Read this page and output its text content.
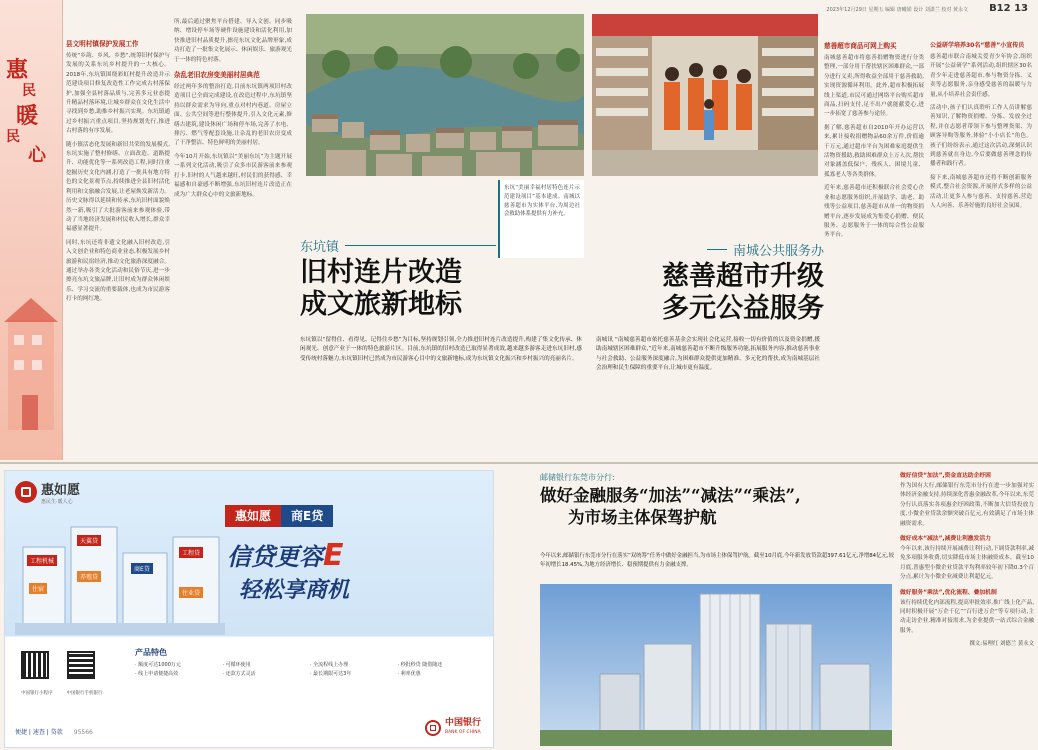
2023年12月29日 星期五 编辑 唐曦娟 设计 刘潇兰 校对 黄永文 B12 13
惠
民
暖
民
心
县文明村镇保护发展工作

传统“乡韵、乡风、乡愁”,统筹旧村保护与发展的关系东坑乡村提升的一大核心。2018年,东坑镇围绕彩虹村提升改造并示范建设项目修复改造性工作完成古村落保护,加强全县村落品质与,完善多元业态提升精品村落环境,让城乡群众在文化生活中寻找到乡愁,助推乡村振兴实现。东坑镇通过乡村振兴重点项目,坚持规划先行,推进古村落的有序发展。

随小镇活态化发展和新旧共荣的发展模式,东坑实施了整村修缮、立面改造、道路提升、功能优化等一系列改造工程,同时注重挖掘历史文化内涵,打造了一批具有地方特色的文化景观节点,持续推进全县旧村活化利用和文旅融合发展,让老屋焕发新活力。历史文脉得以延续和传承,东坑旧村面貌焕然一新,吸引了大批游客前来参观体验,带动了当地经济发展和村民收入增长,群众幸福感显著提升。

同时,东坑还将非遗文化融入旧村改造,引入文创企业和特色商业业态,积极发展乡村旅游和民宿经济,推动文化旅游深度融合。通过举办各类文化活动和民俗节庆,进一步擦亮东坑文旅品牌,让旧村成为群众休闲娱乐、学习交流的重要载体,也成为市民游客打卡的网红地。

所,最后通过聚焦平台搭建、导入文创、同步吸纳、增设停车场等硬件设施建设和活化利用,加快推进旧村品质提升,擦亮东坑文化品牌形象,成功打造了一批集文化展示、休闲娱乐、旅游观光于一体的特色村落。

杂乱老旧农房变美丽村居典范

经过两年多的整治打造,目前东坑镇两项旧村改造项目已全面完成建设,在改造过程中,东坑镇坚持以群众需求为导向,重点对村内巷道、房屋立面、公共空间等进行整体提升,引入文化元素,修缮古建筑,建设休闲广场和停车场,完善了水电、排污、燃气等配套设施,让杂乱的老旧农房变成了干净整洁、特色鲜明的美丽村居。

今年10月开始,东坑镇以“美丽东坑”为主题开展一系列文化活动,吸引了众多市民游客前来参观打卡,旧村的人气越来越旺,村民们的获得感、幸福感和自豪感不断增强,东坑旧村连片改造正在成为广大群众心中的文旅新地标。

东坑“美丽幸福村居特色连片示范建设项目”基本建成。南城以慈善超市为实体平台,为周边社会救助体系提供有力补充。

东坑镇
旧村连片改造
成文旅新地标

东坑镇以“留得住、看得见、记得住乡愁”为目标,坚持规划引领,全力推进旧村连片改造提升,构建了集文化传承、休闲观光、创意产业于一体的特色旅游片区。目前,东坑镇的旧村改造已取得显著成效,越来越多游客走进东坑旧村,感受传统村落魅力,东坑镇旧村已然成为市民游客心目中的文旅新地标,成为东坑镇文化振兴和乡村振兴的亮丽名片。

南城公共服务办
慈善超市升级
多元公益服务

南城讯 “南城慈善超市依托慈善基金会实现社会化运营,接收一切有价值的以及资金捐赠,援助南城辖区困难群众,”近年来,南城慈善超市不断升级服务功能,拓展服务内容,推动慈善事业与社会救助、公益服务深度融合,为困难群众提供更加精准、多元化的帮扶,成为南城基层社会治理和民生保障的重要平台,让城市更有温度。

慈善超市商品可网上购买

南城慈善超市将慈善捐赠物资进行分类整理,一部分用于帮扶辖区困难群众,一部分进行义卖,所得收益全部用于慈善救助,实现资源循环利用。此外,超市积极拓展线上渠道,市民可通过网络平台购买超市商品,扫码支付,足不出户就能献爱心,进一步拓宽了慈善参与途径。

据了解,慈善超市自2010年开办运营以来,累计接收捐赠物品60余万件,价值逾千万元,通过超市平台为困难家庭提供生活物资援助,救助困难群众上万人次,帮扶对象涵盖低保户、残疾人、困境儿童、孤寡老人等各类群体。

近年来,慈善超市还积极联合社会爱心企业和志愿服务组织,开展助学、助老、助残等公益项目,慈善超市从单一的物资捐赠平台,逐步发展成为集爱心捐赠、便民服务、志愿服务于一体的综合性公益服务平台。

公益研学培养30名“慈善”小宣传员

慈善超市联合南城关爱青少年协会,组织开展“公益研学”系列活动,组织辖区30名青少年走进慈善超市,参与物资分拣、义卖等志愿服务,亲身感受慈善的温暖与力量,从小培养社会责任感。

活动中,孩子们认真聆听工作人员讲解慈善知识,了解物资捐赠、分拣、发放全过程,并在志愿者带领下参与整理货架、为顾客导购等服务,体验“小小店长”角色。孩子们纷纷表示,通过这次活动,深刻认识到慈善就在身边,今后要做慈善理念的传播者和践行者。

接下来,南城慈善超市还将不断创新服务模式,整合社会资源,开展形式多样的公益活动,让更多人参与慈善、支持慈善,营造人人向善、乐善好施的良好社会氛围。

惠如愿
惠民生·暖人心
惠如愿	商E贷
信贷更容E
轻松享商机
工程机械
住宿
天翼贷
养殖贷
商E贷
工程贷
住业贷
中国银行小程序	中国银行手机银行
产品特色
· 额度可达1000万元	· 可循环使用	· 全流程线上办理	· 秒批秒贷 随借随还
· 线上申请便捷高效	· 还款方式灵活	· 最长期限可达3年	· 利率优惠
便捷 | 速查 | 贷款 95566
中国银行
BANK OF CHINA
邮储银行东莞市分行:
做好金融服务“加法”“减法”“乘法”,
为市场主体保驾护航

今年以来,邮储银行东莞市分行在落实“双统筹”任务中做好金融担当,为市场主体保驾护航。截至10月底,今年新发放贷款超397.61亿元,净增84亿元,较年初增长18.45%,为地方经济增长、稳预期提供有力金融支撑。

做好信贷“加法”,资金直达助企纾困

作为国有大行,邮储银行东莞市分行在进一步加强对实体经济金融支持,持续深化普惠金融改革,今年以来,东莞分行认真落实各项惠企纾困政策,不断加大信贷投放力度,小微企业贷款余额突破百亿元,有效满足了市场主体融资需求。

做好成本“减法”,减费让利激发活力

今年以来,该行持续开展减费让利行动,下调贷款利率,减免多项服务收费,切实降低市场主体融资成本。截至10月底,普惠型小微企业贷款平均利率较年初下降0.3个百分点,累计为小微企业减费让利超亿元。

做好服务“乘法”,优化流程、叠加机制

该行持续优化内部流程,提高审批效率,推广线上化产品,同时积极开展“万企千亿”“百行进万企”等专项行动,主动走访企业,精准对接需求,为企业提供一站式综合金融服务。

撰文:易理红 刘德兰 黄永文
